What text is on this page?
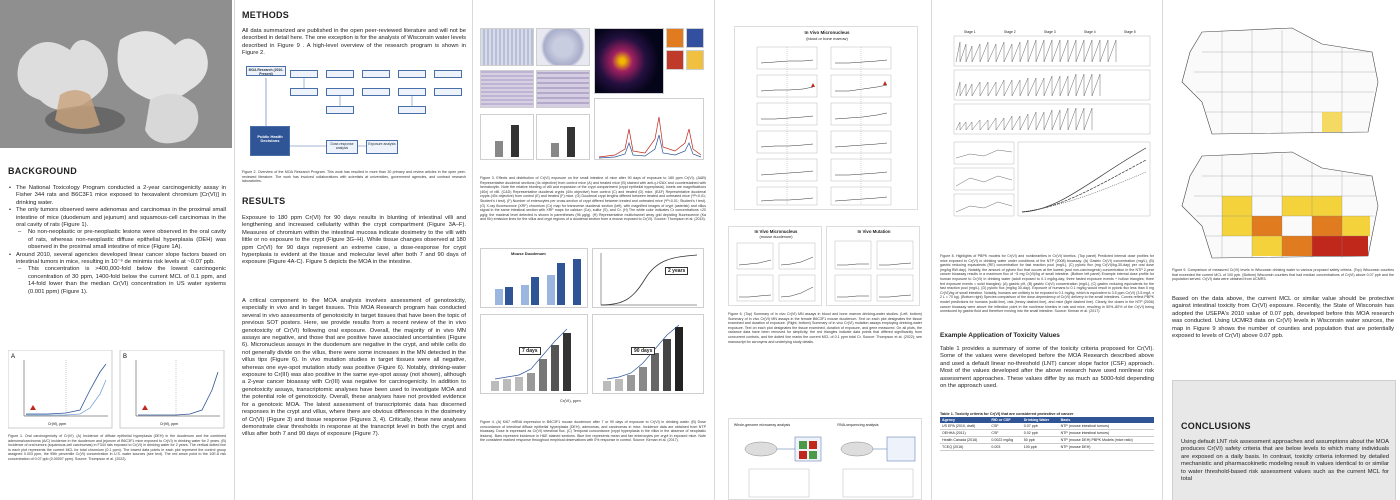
BACKGROUND
• The National Toxicology Program conducted a 2-year carcinogenicity assay in Fisher 344 rats and B6C3F1 mice exposed to hexavalent chromium [Cr(VI)] in drinking water.
• The only tumors observed were adenomas and carcinomas in the proximal small intestine of mice (duodenum and jejunum) and squamous-cell carcinomas in the oral cavity of rats (Figure 1).
– No non-neoplastic or pre-neoplastic lesions were observed in the oral cavity of rats, whereas non-neoplastic diffuse epithelial hyperplasia (DEH) was observed in the proximal small intestine of mice (Figure 1A).
• Around 2010, several agencies developed linear cancer slope factors based on intestinal tumors in mice, resulting in 10⁻⁶ de minimis risk levels at ~0.07 ppb.
– This concentration is >400,000-fold below the lowest carcinogenic concentration of 30 ppm, 1400-fold below the current MCL of 0.1 ppm, and 14-fold lower than the median Cr(VI) concentration in US water systems (0.001 ppm) (Figure 1).
A	B
Cr(VI), ppm	Cr(VI), ppm

Figure 1. Oral carcinogenicity of Cr(VI). (A) Incidence of diffuse epithelial hyperplasia (DEH) in the duodenum and the combined adenoma/carcinoma (A/C) incidence in the duodenum and jejunum of B6C3F1 mice exposed to Cr(VI) in drinking water for 2 years. (B) Incidence of oral tumors (squamous-cell carcinomas) in F344 rats exposed to Cr(VI) in drinking water for 2 years. The vertical dotted line in each plot represents the current MCL for total chromium (0.1 ppm). The lowest data points in each plot represent the control group assigned 0.003 ppm, the 95th percentile Cr(VI) concentration in U.S. water sources (see text). The red arrow point to the 10E-6 risk concentration of 0.07 ppb (0.00007 ppm). Source: Thompson et al. (2022).

METHODS

All data summarized are published in the open peer-reviewed literature and will not be described in detail here. The one exception is for the analysis of Wisconsin water levels described in Figure 9 . A high-level overview of the research program is shown in Figure 2.

MOA Research (2010-Present)
Public Health Decisions
Dose-response analysis
Exposure analysis

Figure 2. Overview of the MOA Research Program. This work has resulted in more than 30 primary and review articles in the open peer-reviewed literature. The work has involved collaborations with scientists at universities, government agencies, and contract research laboratories.

RESULTS

Exposure to 180 ppm Cr(VI) for 90 days results in blunting of intestinal villi and lengthening and increased cellularity within the crypt compartment (Figure 3A–F). Measures of chromium within the intestinal mucosa indicate dosimetry to the villi with little or no exposure to the crypt (Figure 3G–H). While tissue changes observed at 180 ppm Cr(VI) for 90 days represent an extreme case, a dose-response for crypt hyperplasia is evident at the tissue and molecular level after both 7 and 90 days of exposure (Figure 4A-C). Figure 5 depicts the MOA in the intestine.

A critical component to the MOA analysis involves assessment of genotoxicity, especially in vivo and in target tissues. This MOA Research program has conducted several in vivo assessments of genotoxicity in target tissues that have been the topic of previous SOT posters. Here, we provide results from a recent review of the in vivo genotoxicity of Cr(VI) following oral exposure. Overall, the majority of in vivo MN assays are negative, and those that are positive have associated uncertainties (Figure 6). Micronucleus assays in the duodenum are negative in the crypt, and while cells do not generally divide on the villus, there were some increases in the MN detected in the villus tips (Figure 6). In vivo mutation studies in target tissues were all negative, whereas one eye-spot mutation study was positive (Figure 6). Notably, drinking-water exposure to Cr(III) was also positive in the same eye-spot assay (not shown), although a 2-year cancer bioassay with Cr(III) was negative for carcinogenicity. In addition to genotoxicity assays, transcriptomic analyses have been used to investigate MOA and the potential role of genotoxicity. Overall, these analyses have not provided evidence for a genotoxic MOA. The latest assessment of transcriptomic data has discerned responses in the crypt and villus, where there are obvious differences in the dosimetry of Cr(VI) (Figure 3) and tissue response (Figures 3, 4). Critically, these new analyses demonstrate clear thresholds in response at the transcript level in both the crypt and villus after both 7 and 90 days of exposure (Figure 7).

Figure 3. Effects and distribution of Cr(VI) exposure on the small intestine of mice after 90 days of exposure to 180 ppm Cr(VI). (A&B) Representative duodenal sections (4x objective) from control mice (A) and treated mice (B) stained with anti-γ-H2AX and counterstained with hematoxylin. Note the relative blunting of villi and expansion of the crypt compartment (crypt epithelial hyperplasia). Insets are magnifications (40x) of villi. (C&D) Representative duodenal crypts (40x objective) from control (C) and treated (D) mice. (E&F) Representative duodenal crypts (40x objective) from control (E) and treated (F) mice. (G) Duodenal crypt lengths differed between treated and untreated mice (*P<0.01; Student's t test). (F) Number of enterocytes per cross-section of crypt differed between treated and untreated mice (*P<0.01; Student's t test). (G) X-ray fluorescence (XRF) chromium (Cr) map for transverse duodenal section (left), with magnified images of crypt (asterisk) and villus signal in the same intestinal section with XRF maps for calcium (Ca), sulfur (S), and Cr. (H) The white color indicates Cr concentrations <20 μg/g; the maximal level detected is shown in parentheses (96 μg/g). (H) Representative multichannel array grid depicting fluorescence (Ka and Kb) emission lines for the villus and crypt regions of a duodenal section from a mouse exposed to Cr(VI). Source: Thompson et al. (2015).

Mouse Duodenum
2 years
7 days	90 days
Cr(VI), ppm

Figure 4. (A) Ki67 mRNA expression in B6C3F1 mouse duodenum after 7 or 90 days of exposure to Cr(VI) in drinking water. (B) Dose concordance of intestinal diffuse epithelial hyperplasia (DEH), adenomas, and carcinomas in mice. Incidence data are obtained from NTP bioassay. Dose is expressed as Cr(VI) intestinal flux. (C) Temporal concordance (crypt hyperplasia in the villus in the absence of neoplastic lesions). Bars represent incidence in H&E stained sections. Blue line represents mean and fan enterocytes per crypt in exposed mice. Note the consistent marked response throughout empirical observations with 0% response in control. Source: Kirman et al. (2017).

In Vivo Micronucleus
(blood or bone marrow)
In Vivo Micronucleus
(mouse duodenum)
In Vivo Mutation

Figure 6. (Top) Summary of in vivo Cr(VI) MN assays in blood and bone marrow drinking-water studies. (Left, bottom) Summary of in vivo Cr(VI) MN assays in the female B6C3F1 mouse duodenum. Text on each plot designates the tissue examined and duration of exposure. (Right, bottom) Summary of in vivo Cr(VI) mutation assays employing drinking-water exposure. Text on each plot designates the tissue examined, duration of exposure, and gene measured. On all plots, the variance data have been removed for simplicity; the red triangles indicate data points that differed significantly from concurrent controls, and the dotted line marks the current MCL of 0.1 ppm total Cr. Source: Thompson et al. (2022); see manuscript for acronyms and underlying study details.

Whole-genome microarray analysis	RNA-sequencing analysis
Stage 1	Stage 2	Stage 3	Stage 4	Stage 5

Figure 8. Highlights of PBPK models for Cr(VI) and nonlinearities in Cr(VI) kinetics. (Top panel) Predicted internal dose profiles for mice exposed to Cr(VI) in drinking water under conditions of the NTP (2008) bioassay. (A) Gastric Cr(VI) concentration (mg/L), (B) gastric reducing equivalents (RE) concentration for fast reaction pool (mg/L), (C) pyloric flux (mg Cr(VI)/kg-30-day) per oral dose (mg/kg BW-day). Notably, the amount of pyloric flux that occurs at the lowest (and non-carcinogenic) concentration in the NTP 2-year cancer bioassay results in a maximum flux of ~5 mg Cr(VI)/kg of small intestine. (Bottom left panel) Example internal dose profile for human exposure to Cr(VI) in drinking water (adult exposed to 0.1 mg/kg-day; three fasted exposure events + hollow triangles; three fed exposure events = solid triangles): (A) gastric pH, (B) gastric Cr(VI) concentration (mg/L), (C) gastric reducing equivalents for the fast reaction pool (mg/L), (D) pyloric flux (mg/kg 30-day). Exposure of humans to 0.1 mg/kg would result in pyloric flux less than 5 mg Cr(VI)/kg of small intestine. Notably, humans are unlikely to be exposed to 0.1 mg/kg, which is equivalent to 3.5 ppm Cr(VI) (3.5 mg/L x 2 L = 70 kg). (Bottom right) Species comparison of the dose-dependency of Cr(VI) delivery to the small intestines. Curves reflect PBPK model predictions for humans (solid line), rats (heavy dashed line), and mice (light dashed line). Clearly, the doses in the NTP (2008) cancer bioassay were above the inflection point in the nonlinear kinetics in rats and mice, resulting in 50%–80% of the Cr(VI) being unreduced by gastric fluid and therefore moving into the small intestine. Source: Kirman et al. (2017).

Example Application of Toxicity Values

Table 1 provides a summary of some of the toxicity criteria proposed for Cr(VI). Some of the values were developed before the MOA Research described above and used a default linear no-threshold (LNT) cancer slope factor (CSF) approach. Most of the values developed after the above research have used nonlinear risk assessment approaches. These values differ by as much as 5000-fold depending on the approach used.

Table 1. Toxicity criteria for Cr(VI) that are considered protective of cancer
Agency	RfD or CSF	Drinking Water	Basis
US EPA (2010, draft)	CSF	0.07 ppb	NTP (mouse intestinal tumors)
OEHHA (2011)	CSF	0.02 ppb	NTP (mouse intestinal tumors)
Health Canada (2016)	0.0022 mg/kg	50 ppb	NTP (mouse DEH) PBPK Models (mice ratio)
TCEQ (2016)	0.003	100 ppb	NTP (mouse DEH)

Figure 9. Comparison of measured Cr(VI) levels in Wisconsin drinking water to various proposed safety criteria. (Top) Wisconsin counties that exceeded the current MCL of 100 ppb. (Bottom) Wisconsin counties that had median concentrations of Cr(VI) above 0.07 ppb and the population served. Cr(VI) data were obtained from UCMR3.

Based on the data above, the current MCL or similar value should be protective against intestinal toxicity from Cr(VI) exposure. Recently, the State of Wisconsin has adopted the USEPA's 2010 value of 0.07 ppb, developed before this MOA research was conducted. Using UCMR3 data on Cr(VI) levels in Wisconsin water sources, the map in Figure 9 shows the number of counties and population that are potentially exposed to levels of Cr(VI) above 0.07 ppb.

CONCLUSIONS

Using default LNT risk assessment approaches and assumptions about the MOA produces Cr(VI) safety criteria that are below levels to which many individuals are exposed on a daily basis. In contrast, toxicity criteria informed by detailed mechanistic and pharmacokinetic modeling result in values identical to or similar to water threshold-based risk assessment values such as the current MCL for total
